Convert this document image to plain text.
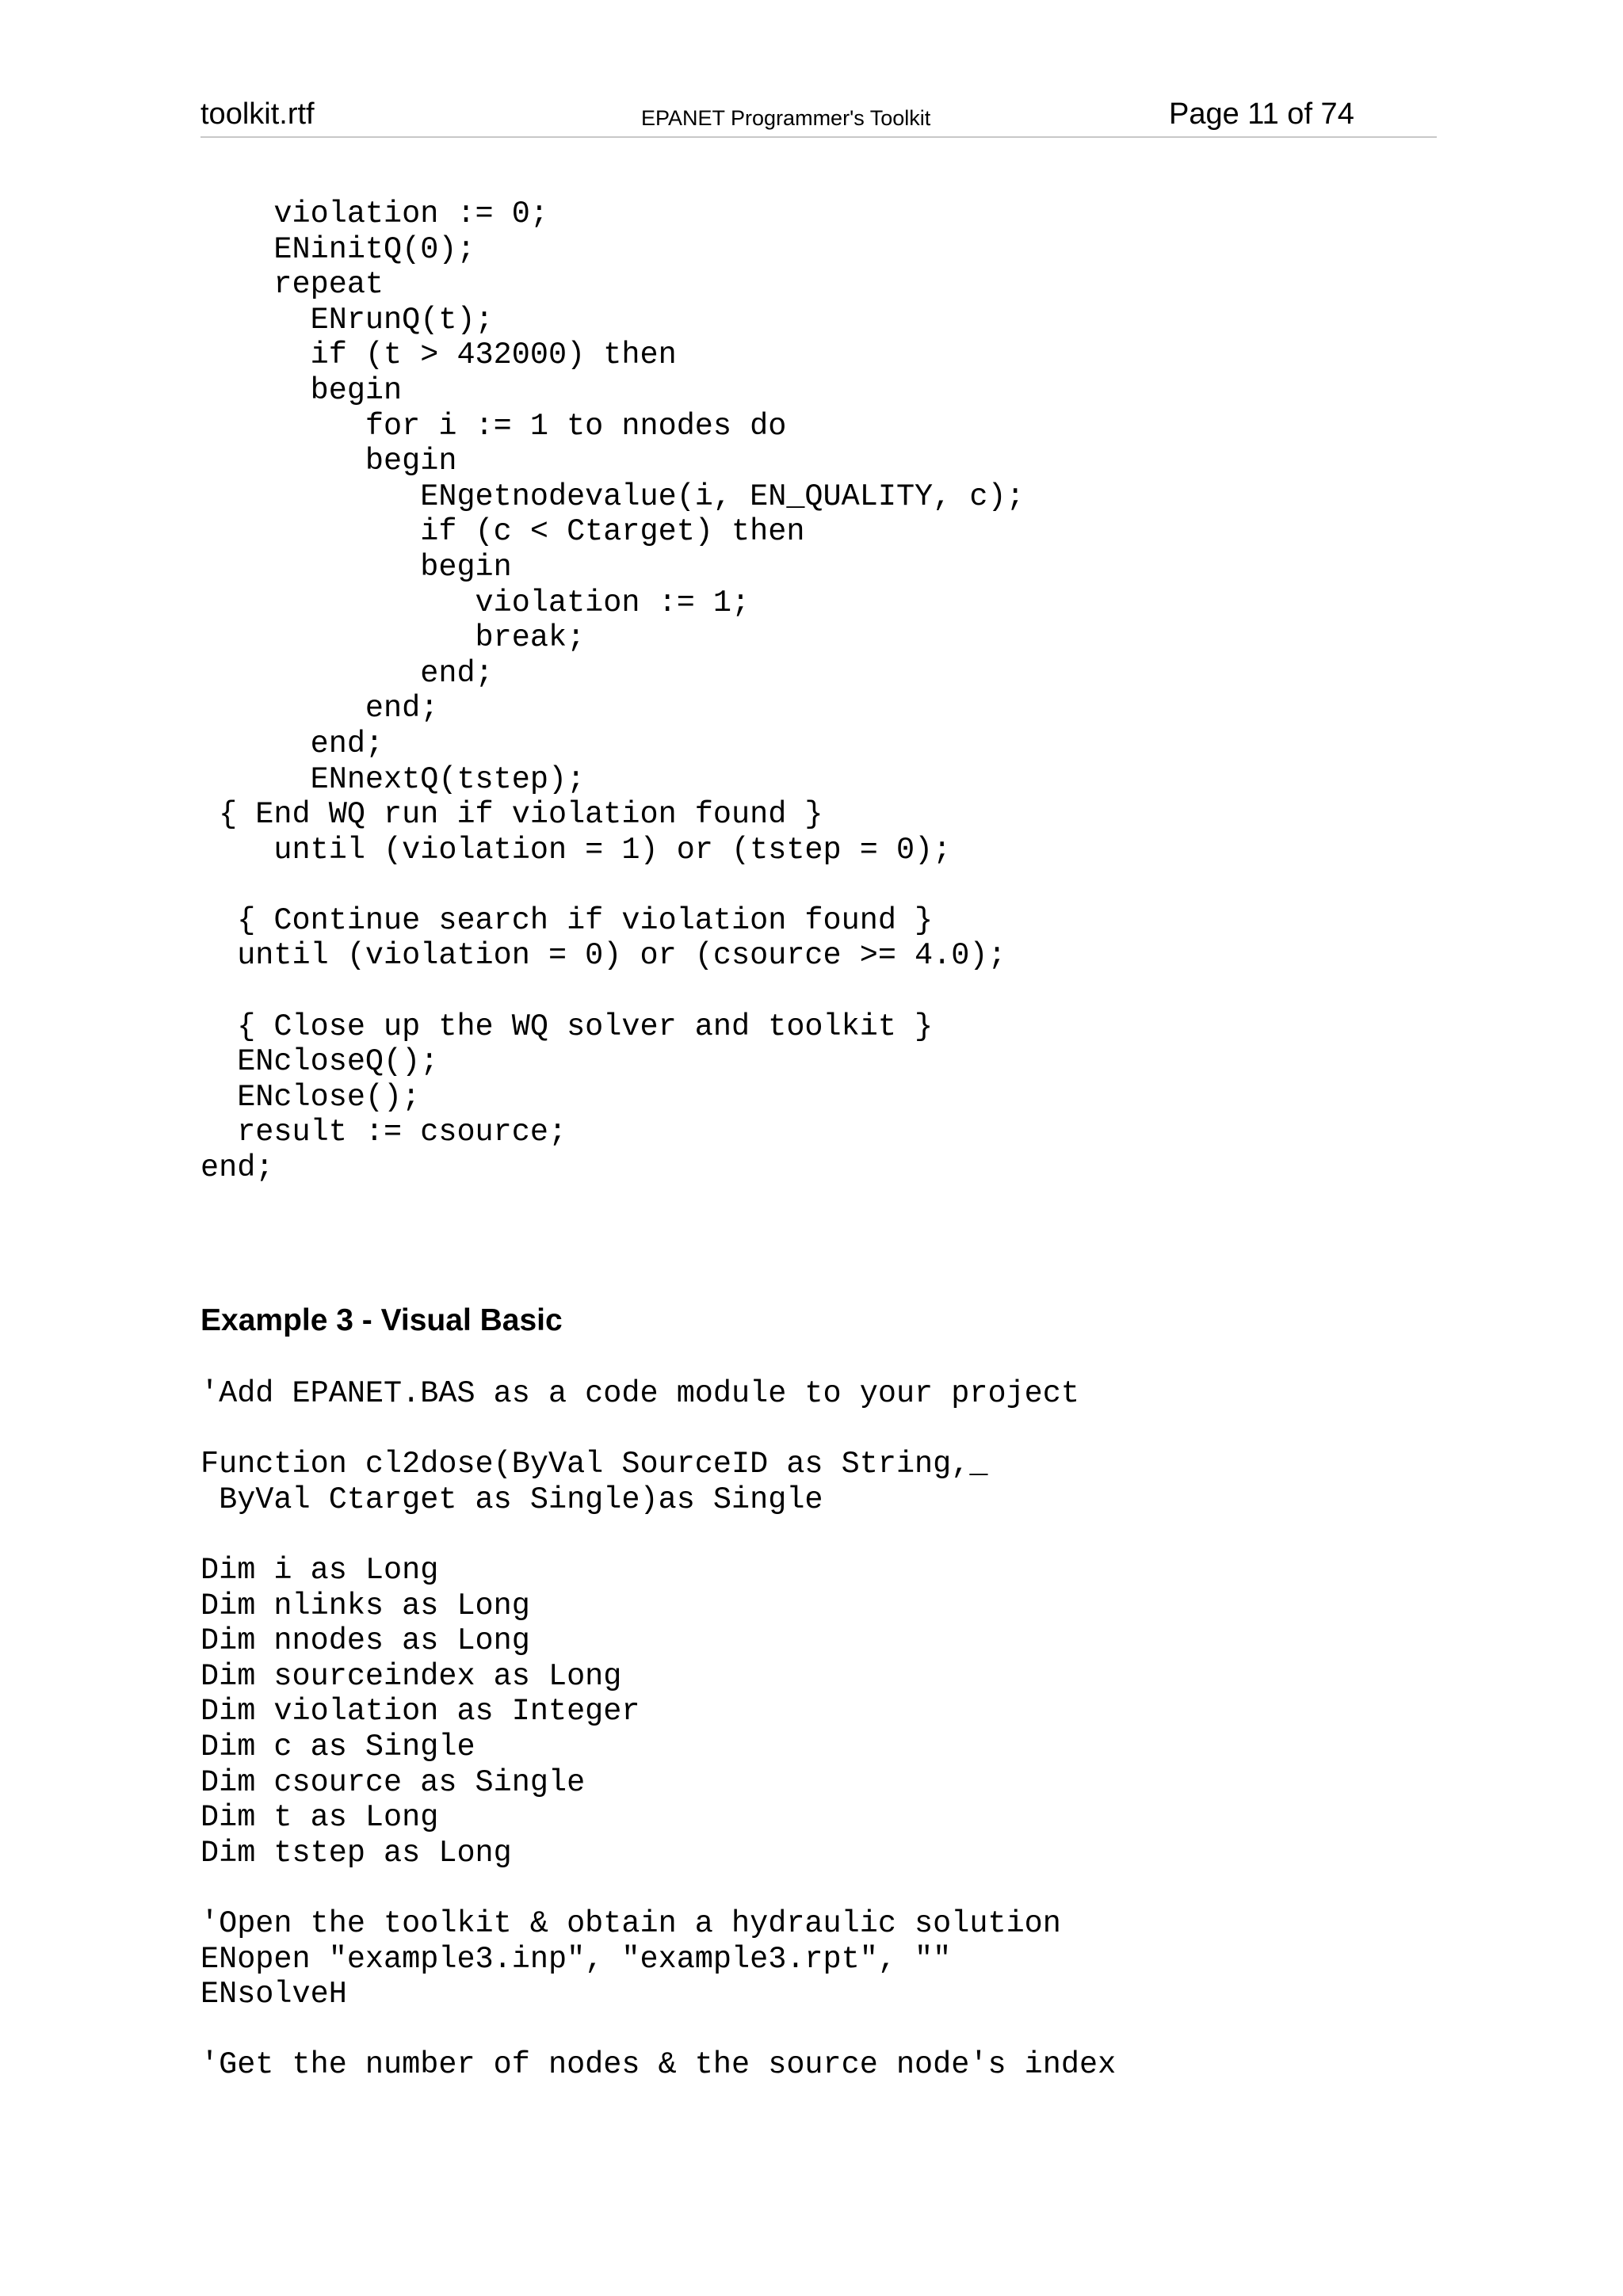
toolkit.rtf	EPANET Programmer's Toolkit	Page 11 of 74
violation := 0;
ENinitQ(0);
repeat
ENrunQ(t);
if (t > 432000) then
begin
for i := 1 to nnodes do
begin
ENgetnodevalue(i, EN_QUALITY, c);
if (c < Ctarget) then
begin
violation := 1;
break;
end;
end;
end;
ENnextQ(tstep);
{ End WQ run if violation found }
until (violation = 1) or (tstep = 0);

{ Continue search if violation found }
until (violation = 0) or (csource >= 4.0);

{ Close up the WQ solver and toolkit }
ENcloseQ();
ENclose();
result := csource;
end;
Example 3 - Visual Basic
'Add EPANET.BAS as a code module to your project

Function cl2dose(ByVal SourceID as String,_
ByVal Ctarget as Single)as Single

Dim i as Long
Dim nlinks as Long
Dim nnodes as Long
Dim sourceindex as Long
Dim violation as Integer
Dim c as Single
Dim csource as Single
Dim t as Long
Dim tstep as Long

'Open the toolkit & obtain a hydraulic solution
ENopen "example3.inp", "example3.rpt", ""
ENsolveH

'Get the number of nodes & the source node's index
